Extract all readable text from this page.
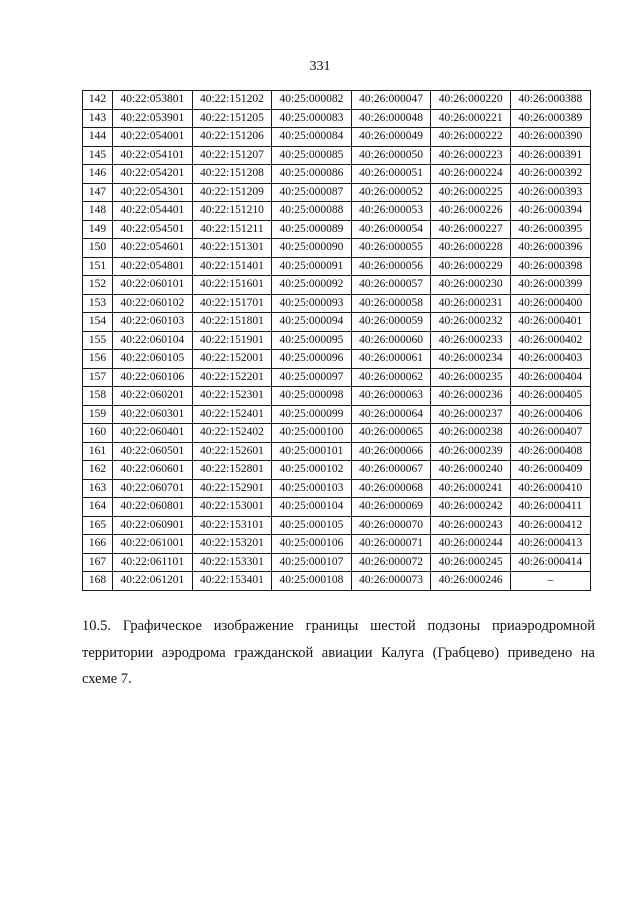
331
142	40:22:053801	40:22:151202	40:25:000082	40:26:000047	40:26:000220	40:26:000388
143	40:22:053901	40:22:151205	40:25:000083	40:26:000048	40:26:000221	40:26:000389
144	40:22:054001	40:22:151206	40:25:000084	40:26:000049	40:26:000222	40:26:000390
145	40:22:054101	40:22:151207	40:25:000085	40:26:000050	40:26:000223	40:26:000391
146	40:22:054201	40:22:151208	40:25:000086	40:26:000051	40:26:000224	40:26:000392
147	40:22:054301	40:22:151209	40:25:000087	40:26:000052	40:26:000225	40:26:000393
148	40:22:054401	40:22:151210	40:25:000088	40:26:000053	40:26:000226	40:26:000394
149	40:22:054501	40:22:151211	40:25:000089	40:26:000054	40:26:000227	40:26:000395
150	40:22:054601	40:22:151301	40:25:000090	40:26:000055	40:26:000228	40:26:000396
151	40:22:054801	40:22:151401	40:25:000091	40:26:000056	40:26:000229	40:26:000398
152	40:22:060101	40:22:151601	40:25:000092	40:26:000057	40:26:000230	40:26:000399
153	40:22:060102	40:22:151701	40:25:000093	40:26:000058	40:26:000231	40:26:000400
154	40:22:060103	40:22:151801	40:25:000094	40:26:000059	40:26:000232	40:26:000401
155	40:22:060104	40:22:151901	40:25:000095	40:26:000060	40:26:000233	40:26:000402
156	40:22:060105	40:22:152001	40:25:000096	40:26:000061	40:26:000234	40:26:000403
157	40:22:060106	40:22:152201	40:25:000097	40:26:000062	40:26:000235	40:26:000404
158	40:22:060201	40:22:152301	40:25:000098	40:26:000063	40:26:000236	40:26:000405
159	40:22:060301	40:22:152401	40:25:000099	40:26:000064	40:26:000237	40:26:000406
160	40:22:060401	40:22:152402	40:25:000100	40:26:000065	40:26:000238	40:26:000407
161	40:22:060501	40:22:152601	40:25:000101	40:26:000066	40:26:000239	40:26:000408
162	40:22:060601	40:22:152801	40:25:000102	40:26:000067	40:26:000240	40:26:000409
163	40:22:060701	40:22:152901	40:25:000103	40:26:000068	40:26:000241	40:26:000410
164	40:22:060801	40:22:153001	40:25:000104	40:26:000069	40:26:000242	40:26:000411
165	40:22:060901	40:22:153101	40:25:000105	40:26:000070	40:26:000243	40:26:000412
166	40:22:061001	40:22:153201	40:25:000106	40:26:000071	40:26:000244	40:26:000413
167	40:22:061101	40:22:153301	40:25:000107	40:26:000072	40:26:000245	40:26:000414
168	40:22:061201	40:22:153401	40:25:000108	40:26:000073	40:26:000246	–
10.5. Графическое изображение границы шестой подзоны приаэродромной территории аэродрома гражданской авиации Калуга (Грабцево) приведено на схеме 7.
